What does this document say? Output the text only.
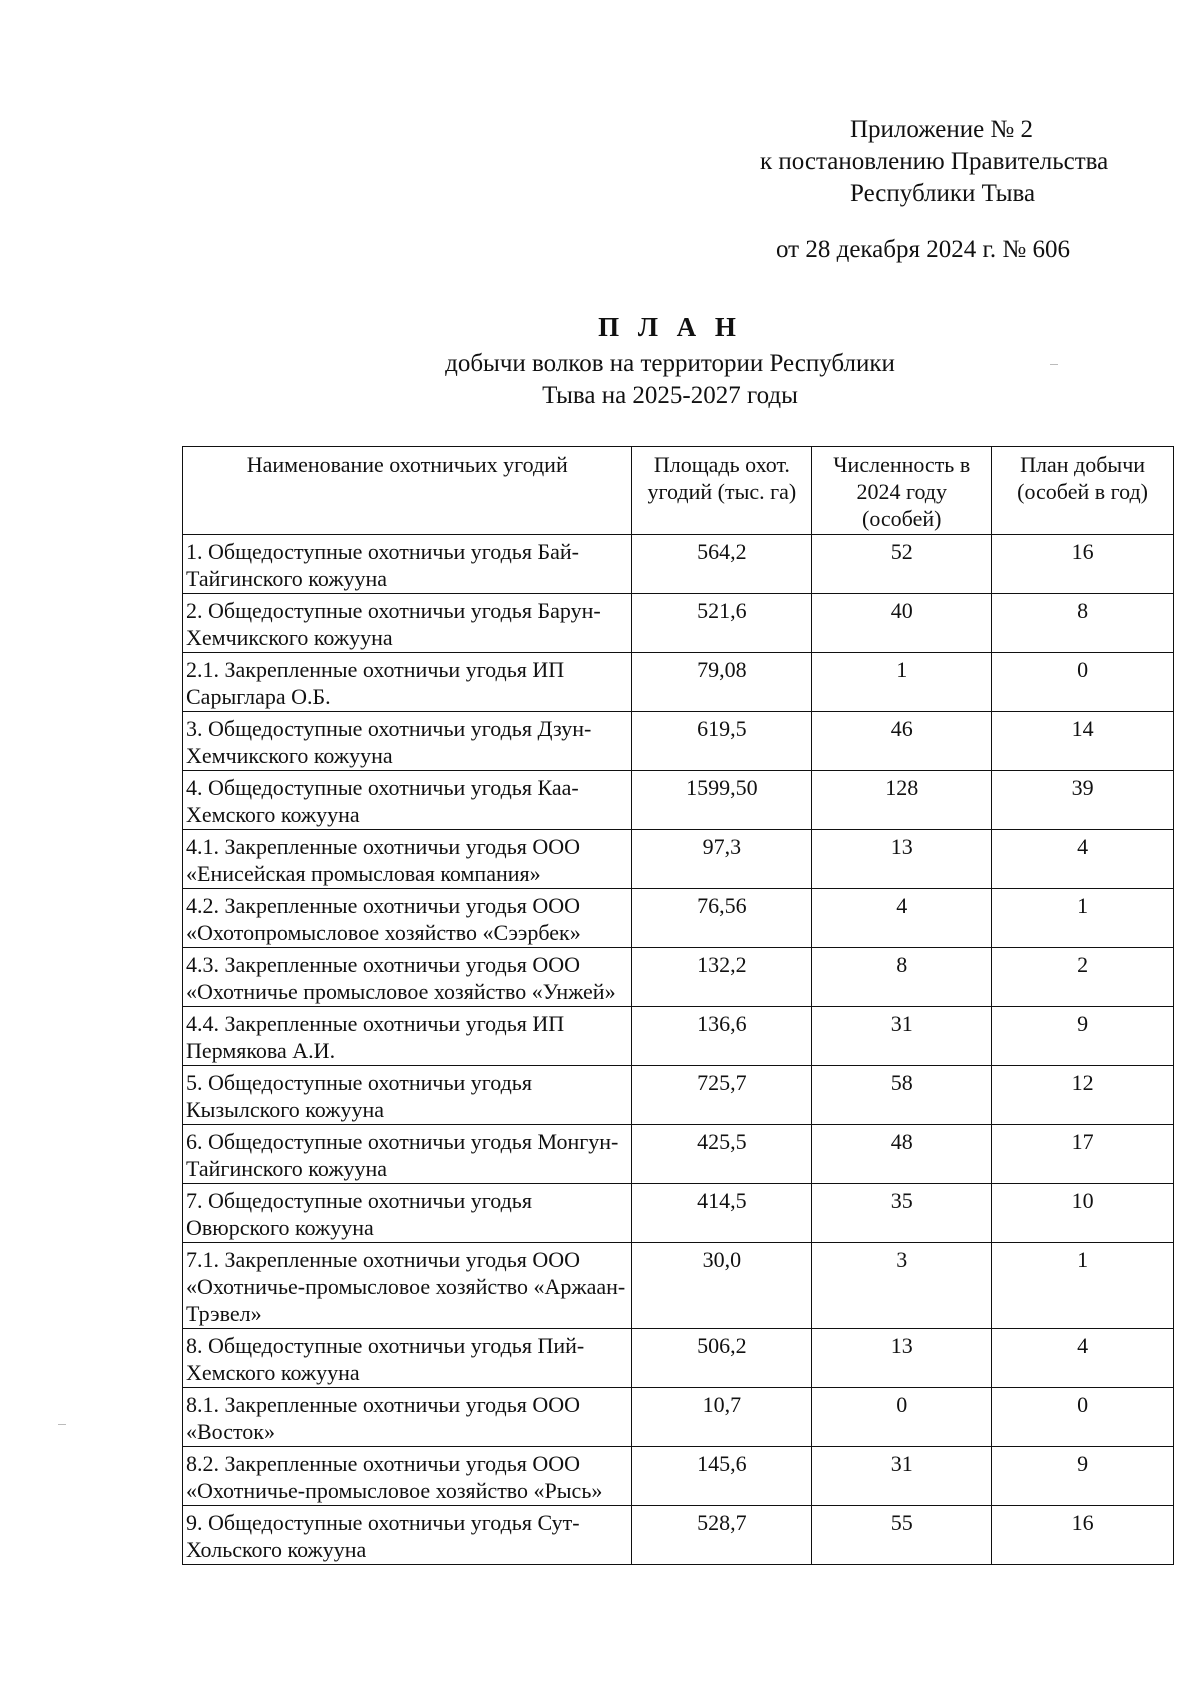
Приложение № 2
к постановлению Правительства
Республики Тыва
от 28 декабря 2024 г. № 606
П Л А Н
добычи волков на территории Республики
Тыва на 2025-2027 годы
Наименование охотничьих угодий	Площадь охот. угодий (тыс. га)	Численность в 2024 году (особей)	План добычи (особей в год)
1. Общедоступные охотничьи угодья Бай-Тайгинского кожууна	564,2	52	16
2. Общедоступные охотничьи угодья Барун-Хемчикского кожууна	521,6	40	8
2.1. Закрепленные охотничьи угодья ИП Сарыглара О.Б.	79,08	1	0
3. Общедоступные охотничьи угодья Дзун-Хемчикского кожууна	619,5	46	14
4. Общедоступные охотничьи угодья Каа-Хемского кожууна	1599,50	128	39
4.1. Закрепленные охотничьи угодья ООО «Енисейская промысловая компания»	97,3	13	4
4.2. Закрепленные охотничьи угодья ООО «Охотопромысловое хозяйство «Сээрбек»	76,56	4	1
4.3. Закрепленные охотничьи угодья ООО «Охотничье промысловое хозяйство «Унжей»	132,2	8	2
4.4. Закрепленные охотничьи угодья ИП Пермякова А.И.	136,6	31	9
5. Общедоступные охотничьи угодья Кызылского кожууна	725,7	58	12
6. Общедоступные охотничьи угодья Монгун-Тайгинского кожууна	425,5	48	17
7. Общедоступные охотничьи угодья Овюрского кожууна	414,5	35	10
7.1. Закрепленные охотничьи угодья ООО «Охотничье-промысловое хозяйство «Аржаан-Трэвел»	30,0	3	1
8. Общедоступные охотничьи угодья Пий-Хемского кожууна	506,2	13	4
8.1. Закрепленные охотничьи угодья ООО «Восток»	10,7	0	0
8.2. Закрепленные охотничьи угодья ООО «Охотничье-промысловое хозяйство «Рысь»	145,6	31	9
9. Общедоступные охотничьи угодья Сут-Хольского кожууна	528,7	55	16
